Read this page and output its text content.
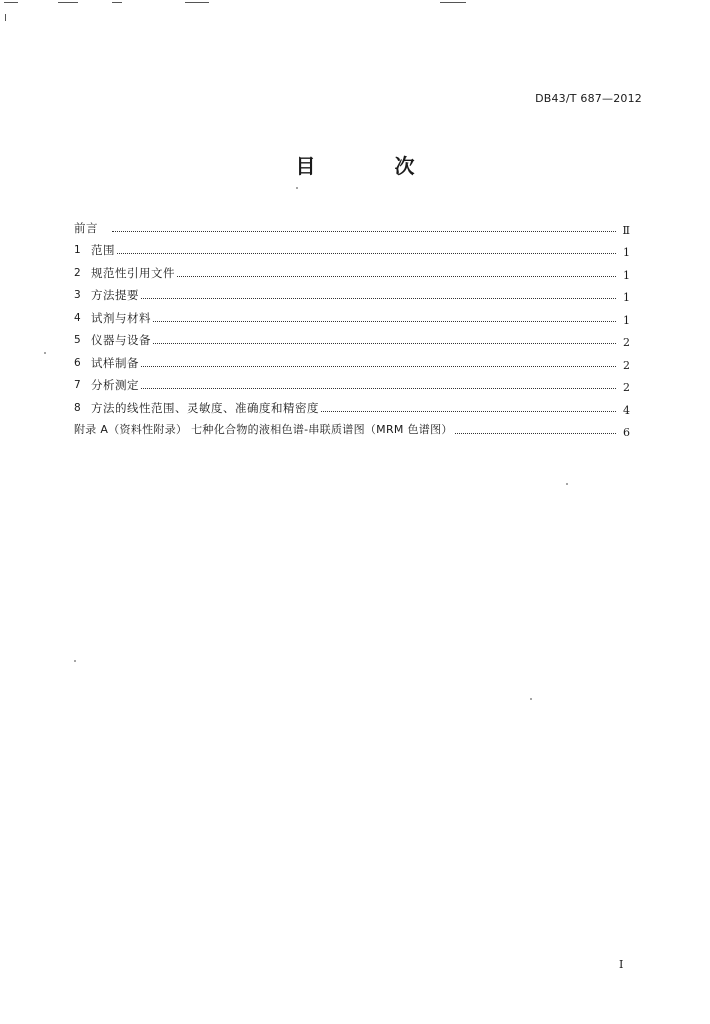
DB43/T 687—2012
目 次
前言	Ⅱ
1 范围	1
2 规范性引用文件	1
3 方法提要	1
4 试剂与材料	1
5 仪器与设备	2
6 试样制备	2
7 分析测定	2
8 方法的线性范围、灵敏度、准确度和精密度	4
附录 A（资料性附录） 七种化合物的液相色谱-串联质谱图（MRM 色谱图）	6
I
